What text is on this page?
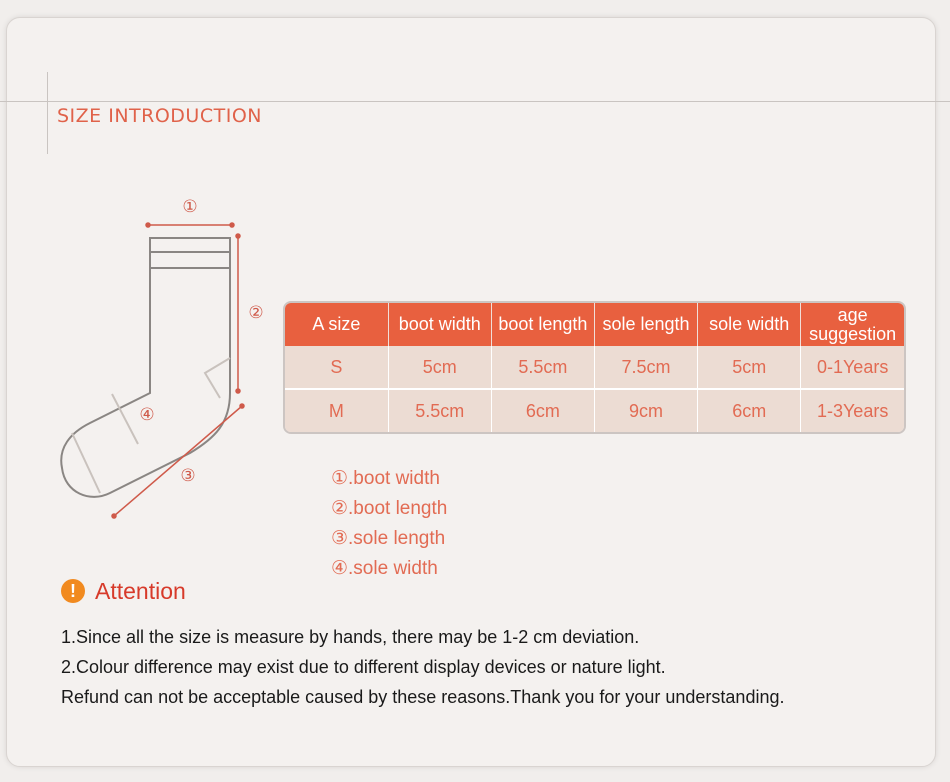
SIZE INTRODUCTION
①
②
③
④
A size	boot width	boot length	sole length	sole width	age suggestion
S	5cm	5.5cm	7.5cm	5cm	0-1Years
M	5.5cm	6cm	9cm	6cm	1-3Years
①.boot width
②.boot length
③.sole length
④.sole width
! Attention
1.Since all the size is measure by hands, there may be 1-2 cm deviation.
2.Colour difference may exist due to different display devices or nature light.
Refund can not be acceptable caused by these reasons.Thank you for your understanding.
